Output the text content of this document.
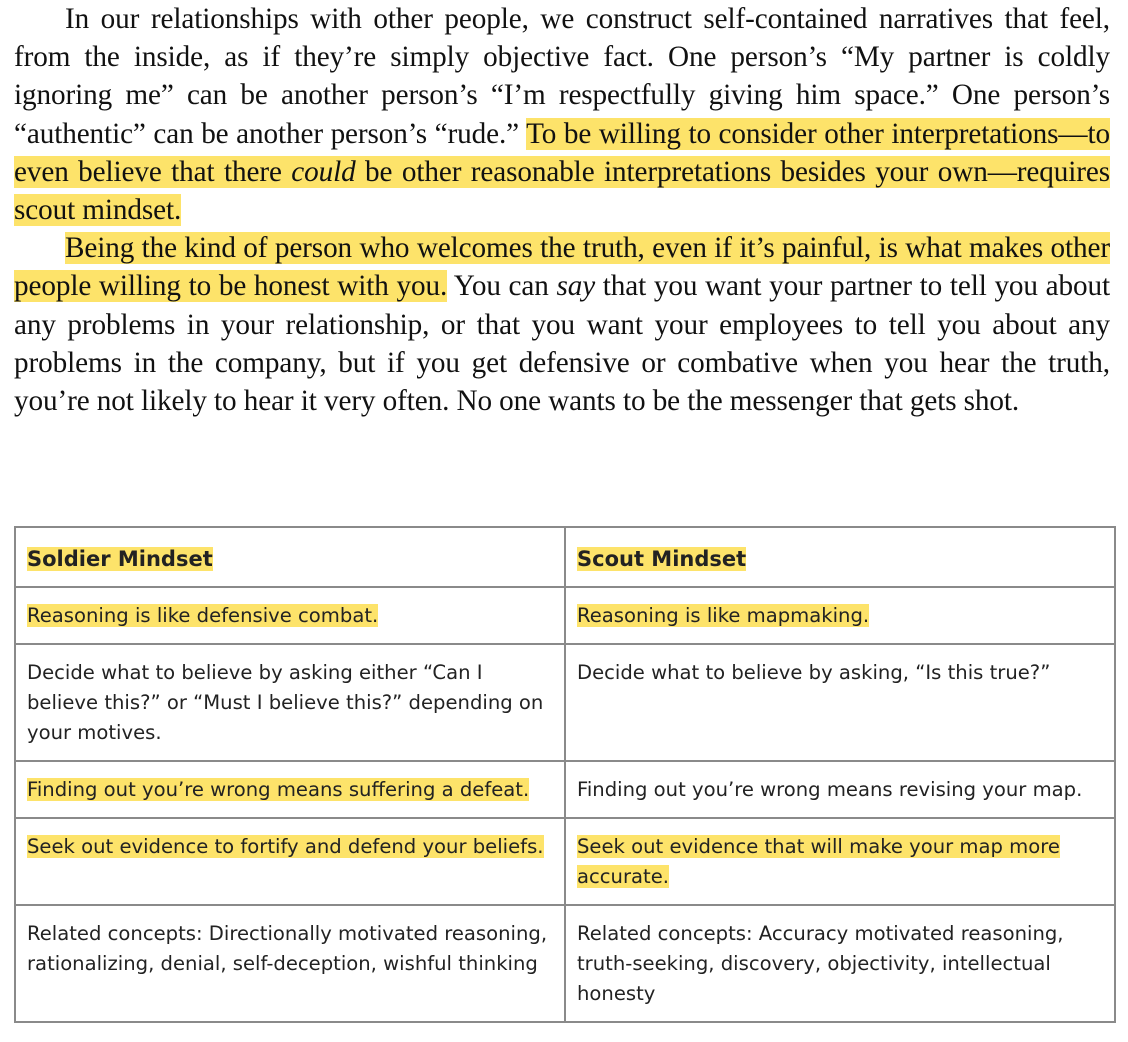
In our relationships with other people, we construct self-contained narratives that feel, from the inside, as if they’re simply objective fact. One person’s “My partner is coldly ignoring me” can be another person’s “I’m respectfully giving him space.” One person’s “authentic” can be another person’s “rude.” To be willing to consider other interpretations—to even believe that there could be other reasonable interpretations besides your own—requires scout mindset.

Being the kind of person who welcomes the truth, even if it’s painful, is what makes other people willing to be honest with you. You can say that you want your partner to tell you about any problems in your relationship, or that you want your employees to tell you about any problems in the company, but if you get defensive or combative when you hear the truth, you’re not likely to hear it very often. No one wants to be the messenger that gets shot.

Soldier Mindset	Scout Mindset
Reasoning is like defensive combat.	Reasoning is like mapmaking.
Decide what to believe by asking either “Can I believe this?” or “Must I believe this?” depending on your motives.	Decide what to believe by asking, “Is this true?”
Finding out you’re wrong means suffering a defeat.	Finding out you’re wrong means revising your map.
Seek out evidence to fortify and defend your beliefs.	Seek out evidence that will make your map more accurate.
Related concepts: Directionally motivated reasoning, rationalizing, denial, self-deception, wishful thinking	Related concepts: Accuracy motivated reasoning, truth-seeking, discovery, objectivity, intellectual honesty
